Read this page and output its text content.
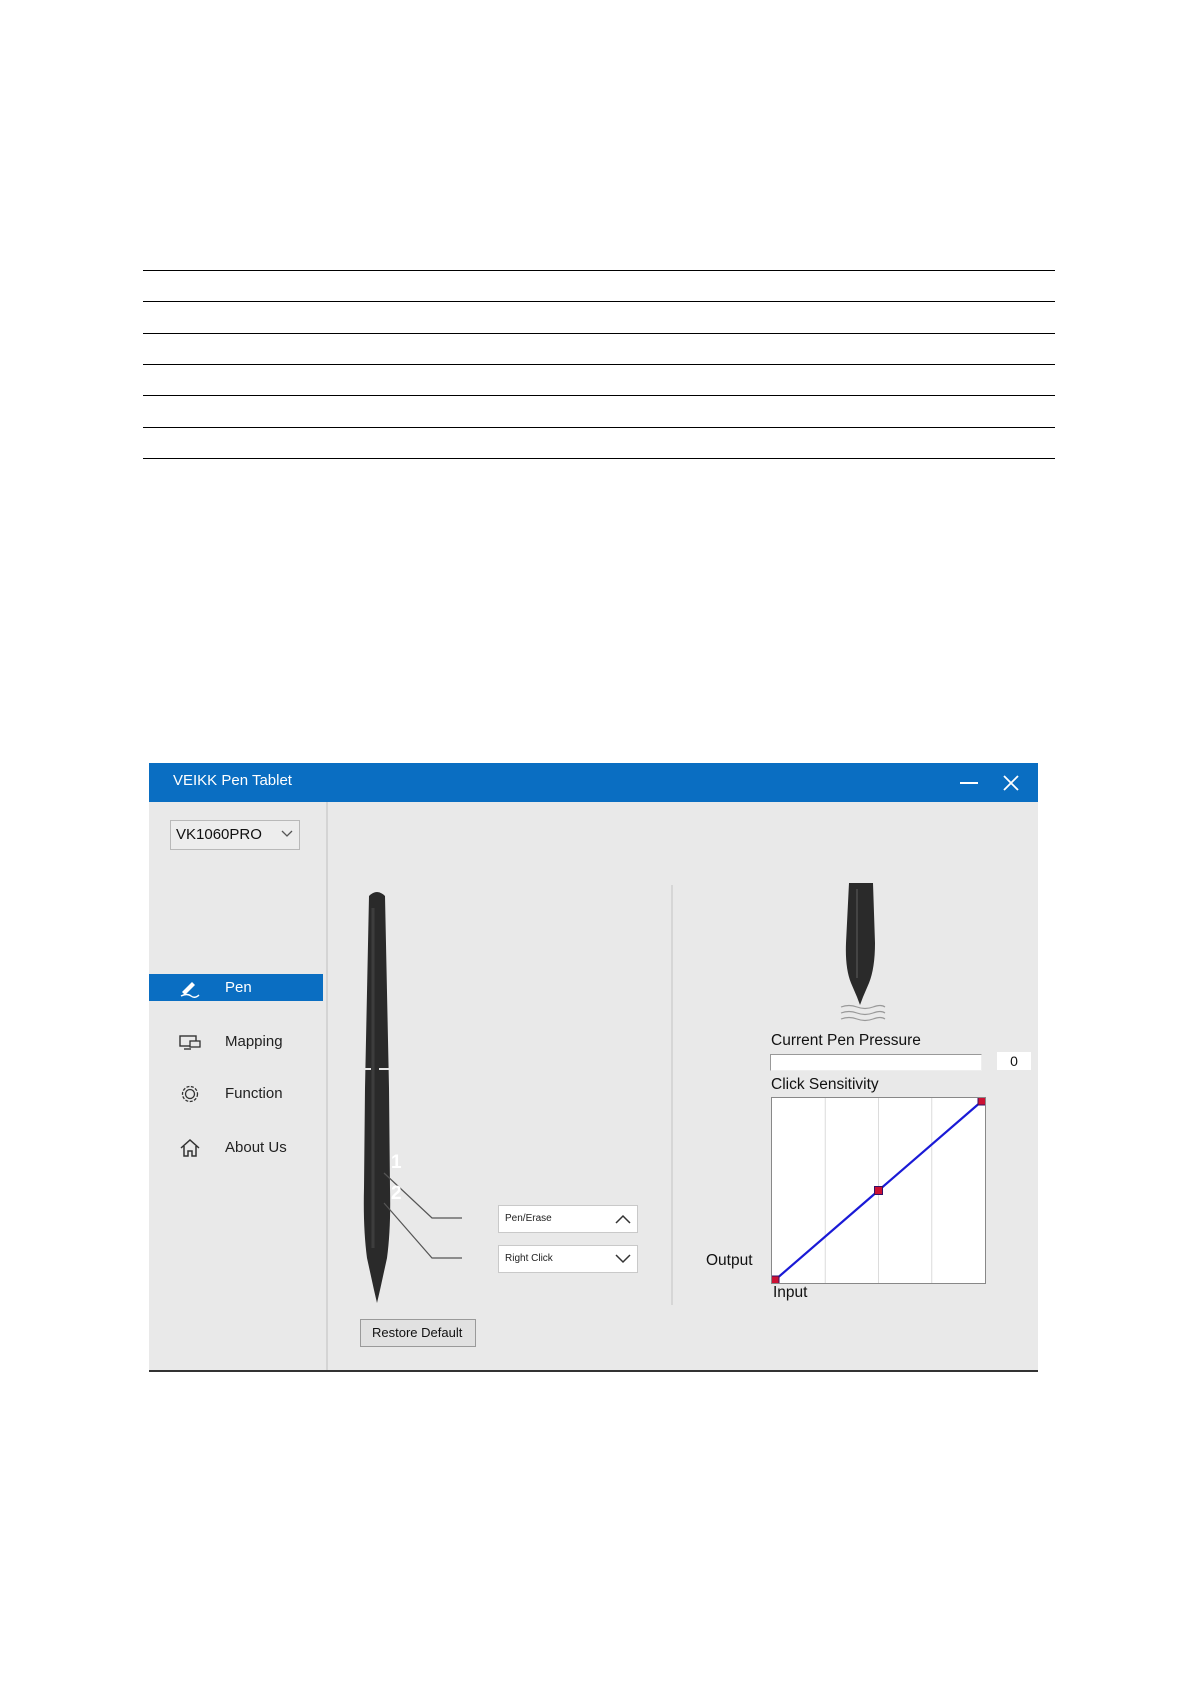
VEIKK Pen Tablet
VK1060PRO
Pen
Mapping
Function
About Us
1
2
Pen/Erase
Right Click
Restore Default
Current Pen Pressure
0
Click Sensitivity
Output
Input
